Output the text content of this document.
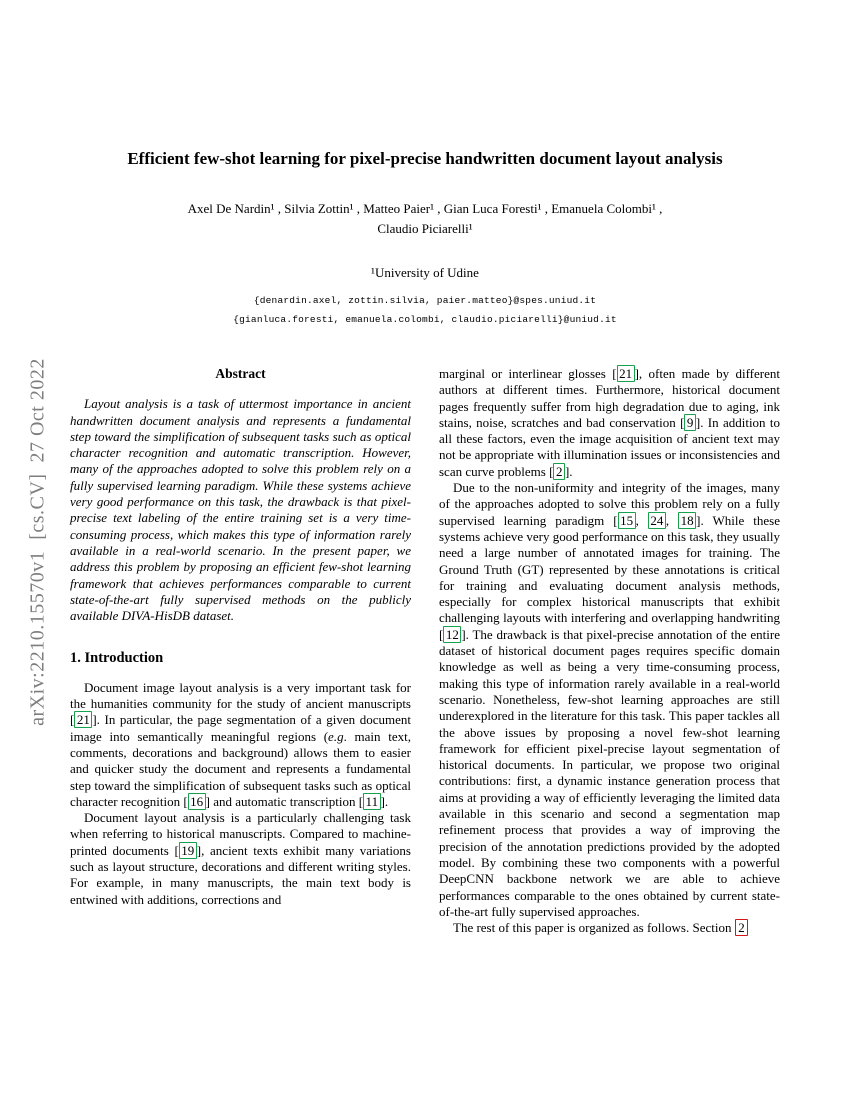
arXiv:2210.15570v1  [cs.CV]  27 Oct 2022
Efficient few-shot learning for pixel-precise handwritten document layout analysis
Axel De Nardin¹ , Silvia Zottin¹ , Matteo Paier¹ , Gian Luca Foresti¹ , Emanuela Colombi¹ ,
Claudio Piciarelli¹
¹University of Udine
{denardin.axel, zottin.silvia, paier.matteo}@spes.uniud.it
{gianluca.foresti, emanuela.colombi, claudio.piciarelli}@uniud.it
Abstract

Layout analysis is a task of uttermost importance in ancient handwritten document analysis and represents a fundamental step toward the simplification of subsequent tasks such as optical character recognition and automatic transcription. However, many of the approaches adopted to solve this problem rely on a fully supervised learning paradigm. While these systems achieve very good performance on this task, the drawback is that pixel-precise text labeling of the entire training set is a very time-consuming process, which makes this type of information rarely available in a real-world scenario. In the present paper, we address this problem by proposing an efficient few-shot learning framework that achieves performances comparable to current state-of-the-art fully supervised methods on the publicly available DIVA-HisDB dataset.

1. Introduction

Document image layout analysis is a very important task for the humanities community for the study of ancient manuscripts [ 21 ]. In particular, the page segmentation of a given document image into semantically meaningful regions (e.g. main text, comments, decorations and background) allows them to easier and quicker study the document and represents a fundamental step toward the simplification of subsequent tasks such as optical character recognition [ 16 ] and automatic transcription [ 11 ].

Document layout analysis is a particularly challenging task when referring to historical manuscripts. Compared to machine-printed documents [ 19 ], ancient texts exhibit many variations such as layout structure, decorations and different writing styles. For example, in many manuscripts, the main text body is entwined with additions, corrections and

marginal or interlinear glosses [ 21 ], often made by different authors at different times. Furthermore, historical document pages frequently suffer from high degradation due to aging, ink stains, noise, scratches and bad conservation [ 9 ]. In addition to all these factors, even the image acquisition of ancient text may not be appropriate with illumination issues or inconsistencies and scan curve problems [ 2 ].

Due to the non-uniformity and integrity of the images, many of the approaches adopted to solve this problem rely on a fully supervised learning paradigm [ 15 , 24 , 18 ]. While these systems achieve very good performance on this task, they usually need a large number of annotated images for training. The Ground Truth (GT) represented by these annotations is critical for training and evaluating document analysis methods, especially for complex historical manuscripts that exhibit challenging layouts with interfering and overlapping handwriting [ 12 ]. The drawback is that pixel-precise annotation of the entire dataset of historical document pages requires specific domain knowledge as well as being a very time-consuming process, making this type of information rarely available in a real-world scenario. Nonetheless, few-shot learning approaches are still underexplored in the literature for this task. This paper tackles all the above issues by proposing a novel few-shot learning framework for efficient pixel-precise layout segmentation of historical documents. In particular, we propose two original contributions: first, a dynamic instance generation process that aims at providing a way of efficiently leveraging the limited data available in this scenario and second a segmentation map refinement process that provides a way of improving the precision of the annotation predictions provided by the adopted model. By combining these two components with a powerful DeepCNN backbone network we are able to achieve performances comparable to the ones obtained by current state-of-the-art fully supervised approaches.

The rest of this paper is organized as follows. Section 2
